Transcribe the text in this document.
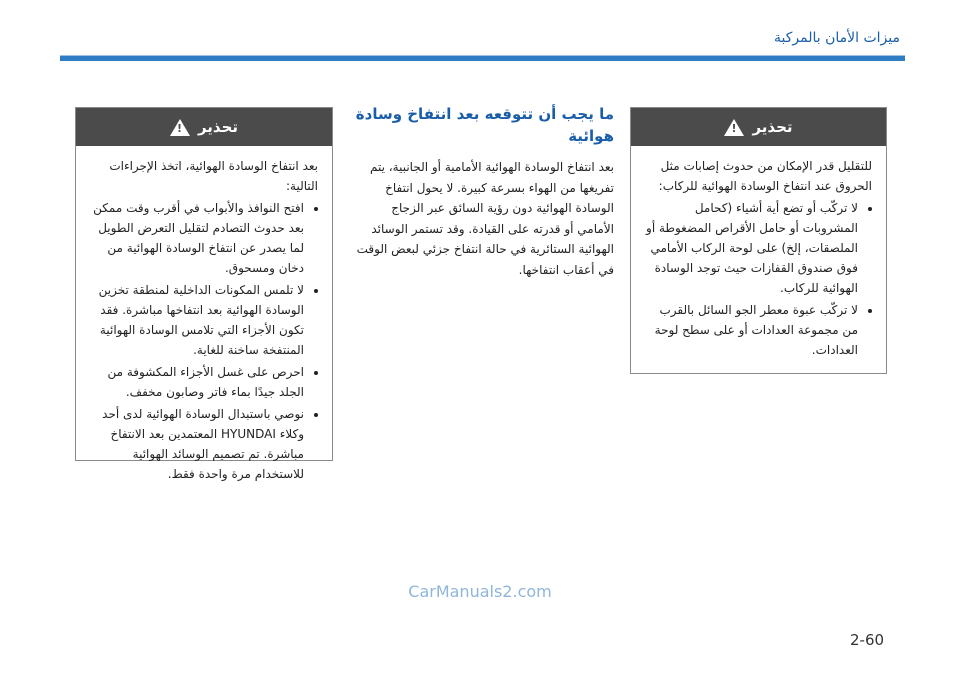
ﻣﻴﺰات اﻷﻣﺎن ﺑﺎﻟﻤﺮﻛﺒﺔ
ﺗﺤﺬﻳﺮ
!

ﺑﻌﺪ اﻧﺘﻔﺎخ اﻟﻮﺳﺎدة اﻟﻬﻮاﺋﻴﺔ، اﺗﺨﺬ اﻹﺟﺮاءات اﻟﺘﺎﻟﻴﺔ:

• اﻓﺘﺢ اﻟﻨﻮاﻓﺬ واﻷﺑﻮاب ﻓﻲ أﻗﺮب وﻗﺖ ﻣﻤﻜﻦ ﺑﻌﺪ ﺣﺪوث اﻟﺘﺼﺎدم ﻟﺘﻘﻠﻴﻞ اﻟﺘﻌﺮض اﻟﻄﻮﻳﻞ ﻟﻤﺎ ﻳﺼﺪر ﻋﻦ اﻧﺘﻔﺎخ اﻟﻮﺳﺎدة اﻟﻬﻮاﺋﻴﺔ ﻣﻦ دﺧﺎن ومسحوق.
• ﻻ ﺗﻠﻤﺲ اﻟﻤﻜﻮﻧﺎت اﻟﺪاﺧﻠﻴﺔ ﻟﻤﻨﻄﻘﺔ ﺗﺨﺰﻳﻦ اﻟﻮﺳﺎدة اﻟﻬﻮاﺋﻴﺔ ﺑﻌﺪ اﻧﺘﻔﺎﺧﻬﺎ ﻣﺒﺎﺷﺮة. ﻓﻘﺪ ﺗﻜﻮن اﻷﺟﺰاء اﻟﺘﻲ ﺗﻼﻣﺲ اﻟﻮﺳﺎدة اﻟﻬﻮاﺋﻴﺔ اﻟﻤﻨﺘﻔﺨﺔ ﺳﺎﺧﻨﺔ ﻟﻠﻐﺎﻳﺔ.
• اﺣﺮص ﻋﻠﻰ ﻏﺴﻞ اﻷﺟﺰاء اﻟﻤﻜﺸﻮﻓﺔ ﻣﻦ اﻟﺠﻠﺪ ﺟﻴﺪًا بماء فاتر وصابون مخفف.
• ﻧﻮﺻﻲ ﺑﺎﺳﺘﺒﺪال اﻟﻮﺳﺎدة اﻟﻬﻮاﺋﻴﺔ ﻟﺪى أﺣﺪ وﻛﻼء HYUNDAI اﻟﻤﻌﺘﻤﺪﻳﻦ ﺑﻌﺪ اﻻﻧﺘﻔﺎخ ﻣﺒﺎﺷﺮة. ﺗﻢ ﺗﺼﻤﻴﻢ اﻟﻮﺳﺎﺋﺪ اﻟﻬﻮاﺋﻴﺔ ﻟﻼﺳﺘﺨﺪام ﻣﺮة واﺣﺪة ﻓﻘﻂ.
ﻣﺎ ﻳﺠﺐ أن ﺗﺘﻮﻗﻌﻪ ﺑﻌﺪ اﻧﺘﻔﺎخ وﺳﺎدة ﻫﻮاﺋﻴﺔ

ﺑﻌﺪ اﻧﺘﻔﺎخ اﻟﻮﺳﺎدة اﻟﻬﻮاﺋﻴﺔ اﻷﻣﺎﻣﻴﺔ أو اﻟﺠﺎﻧﺒﻴﺔ، ﻳﺘﻢ ﺗﻔﺮﻳﻐﻬﺎ ﻣﻦ اﻟﻬﻮاء ﺑﺴﺮﻋﺔ ﻛﺒﻴﺮة. ﻻ ﻳﺤﻮل اﻧﺘﻔﺎخ اﻟﻮﺳﺎدة اﻟﻬﻮاﺋﻴﺔ دون رؤﻳﺔ اﻟﺴﺎﺋﻖ ﻋﺒﺮ اﻟﺰﺟﺎج اﻷﻣﺎﻣﻲ أو ﻗﺪرﺗﻪ ﻋﻠﻰ اﻟﻘﻴﺎدة. وﻗﺪ ﺗﺴﺘﻤﺮ اﻟﻮﺳﺎﺋﺪ اﻟﻬﻮاﺋﻴﺔ اﻟﺴﺘﺎﺋﺮﻳﺔ ﻓﻲ ﺣﺎﻟﺔ اﻧﺘﻔﺎخ ﺟﺰﺋﻲ ﻟﺒﻌﺾ اﻟﻮﻗﺖ ﻓﻲ أﻋﻘﺎب اﻧﺘﻔﺎﺧﻬﺎ.

ﺗﺤﺬﻳﺮ
!

ﻟﻠﺘﻘﻠﻴﻞ ﻗﺪر اﻹﻣﻜﺎن ﻣﻦ ﺣﺪوث إﺻﺎﺑﺎت ﻣﺜﻞ اﻟﺤﺮوق ﻋﻨﺪ اﻧﺘﻔﺎخ اﻟﻮﺳﺎدة اﻟﻬﻮاﺋﻴﺔ ﻟﻠﺮﻛﺎب:

• ﻻ ﺗﺮﻛّﺐ أو ﺗﻀﻊ أﻳﺔ أﺷﻴﺎء (ﻛﺤﺎﻣﻞ اﻟﻤﺸﺮوﺑﺎت أو ﺣﺎﻣﻞ اﻷﻗﺮاص اﻟﻤﻀﻐﻮﻃﺔ أو اﻟﻤﻠﺼﻘﺎت، إﻟﺦ) ﻋﻠﻰ ﻟﻮﺣﺔ اﻟﺮﻛﺎب اﻷﻣﺎﻣﻲ ﻓﻮق ﺻﻨﺪوق اﻟﻘﻔﺎزات ﺣﻴﺚ ﺗﻮﺟﺪ اﻟﻮﺳﺎدة اﻟﻬﻮاﺋﻴﺔ ﻟﻠﺮﻛﺎب.
• ﻻ ﺗﺮﻛّﺐ ﻋﺒﻮة ﻣﻌﻄﺮ اﻟﺠﻮ اﻟﺴﺎﺋﻞ ﺑﺎﻟﻘﺮب ﻣﻦ ﻣﺠﻤﻮﻋﺔ اﻟﻌﺪادات أو ﻋﻠﻰ ﺳﻄﺢ ﻟﻮﺣﺔ اﻟﻌﺪادات.
CarManuals2.com
2-60
